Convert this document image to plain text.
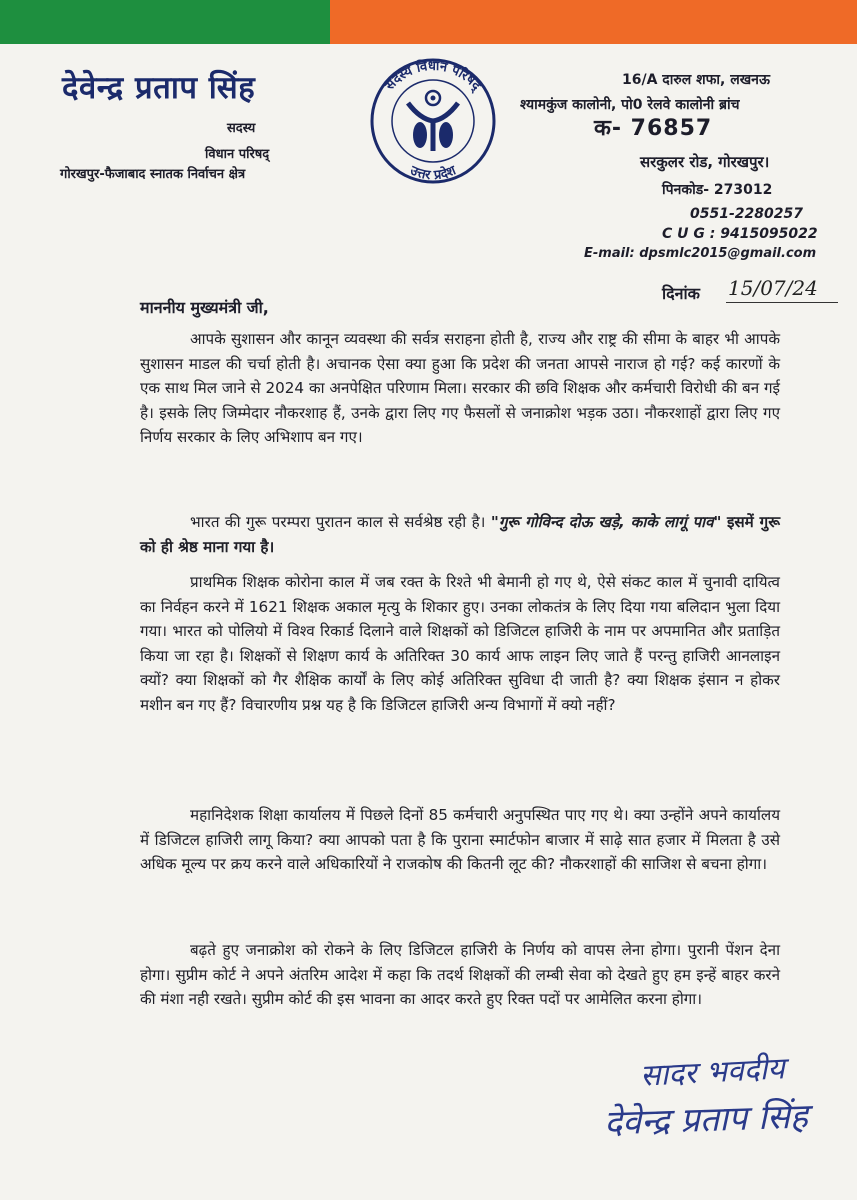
देवेन्द्र प्रताप सिंह
सदस्य
विधान परिषद्
गोरखपुर-फैजाबाद स्नातक निर्वाचन क्षेत्र
सदस्य विधान परिषद्
उत्तर प्रदेश
16/A दारुल शफा, लखनऊ
श्यामकुंज कालोनी, पो0 रेलवे कालोनी ब्रांच
क- 76857
सरकुलर रोड, गोरखपुर।
पिनकोड- 273012
0551-2280257
C U G : 9415095022
E-mail: dpsmlc2015@gmail.com
दिनांक 15/07/24
माननीय मुख्यमंत्री जी,
आपके सुशासन और कानून व्यवस्था की सर्वत्र सराहना होती है, राज्य और राष्ट्र की सीमा के बाहर भी आपके सुशासन माडल की चर्चा होती है। अचानक ऐसा क्या हुआ कि प्रदेश की जनता आपसे नाराज हो गई? कई कारणों के एक साथ मिल जाने से 2024 का अनपेक्षित परिणाम मिला। सरकार की छवि शिक्षक और कर्मचारी विरोधी की बन गई है। इसके लिए जिम्मेदार नौकरशाह हैं, उनके द्वारा लिए गए फैसलों से जनाक्रोश भड़क उठा। नौकरशाहों द्वारा लिए गए निर्णय सरकार के लिए अभिशाप बन गए।
भारत की गुरू परम्परा पुरातन काल से सर्वश्रेष्ठ रही है। "गुरू गोविन्द दोऊ खड़े, काके लागूं पाव" इसमें गुरू को ही श्रेष्ठ माना गया है।
प्राथमिक शिक्षक कोरोना काल में जब रक्त के रिश्ते भी बेमानी हो गए थे, ऐसे संकट काल में चुनावी दायित्व का निर्वहन करने में 1621 शिक्षक अकाल मृत्यु के शिकार हुए। उनका लोकतंत्र के लिए दिया गया बलिदान भुला दिया गया। भारत को पोलियो में विश्व रिकार्ड दिलाने वाले शिक्षकों को डिजिटल हाजिरी के नाम पर अपमानित और प्रताड़ित किया जा रहा है। शिक्षकों से शिक्षण कार्य के अतिरिक्त 30 कार्य आफ लाइन लिए जाते हैं परन्तु हाजिरी आनलाइन क्यों? क्या शिक्षकों को गैर शैक्षिक कार्यों के लिए कोई अतिरिक्त सुविधा दी जाती है? क्या शिक्षक इंसान न होकर मशीन बन गए हैं? विचारणीय प्रश्न यह है कि डिजिटल हाजिरी अन्य विभागों में क्यो नहीं?
महानिदेशक शिक्षा कार्यालय में पिछले दिनों 85 कर्मचारी अनुपस्थित पाए गए थे। क्या उन्होंने अपने कार्यालय में डिजिटल हाजिरी लागू किया? क्या आपको पता है कि पुराना स्मार्टफोन बाजार में साढ़े सात हजार में मिलता है उसे अधिक मूल्य पर क्रय करने वाले अधिकारियों ने राजकोष की कितनी लूट की? नौकरशाहों की साजिश से बचना होगा।
बढ़ते हुए जनाक्रोश को रोकने के लिए डिजिटल हाजिरी के निर्णय को वापस लेना होगा। पुरानी पेंशन देना होगा। सुप्रीम कोर्ट ने अपने अंतरिम आदेश में कहा कि तदर्थ शिक्षकों की लम्बी सेवा को देखते हुए हम इन्हें बाहर करने की मंशा नही रखते। सुप्रीम कोर्ट की इस भावना का आदर करते हुए रिक्त पदों पर आमेलित करना होगा।
सादर भवदीय
देवेन्द्र प्रताप सिंह
